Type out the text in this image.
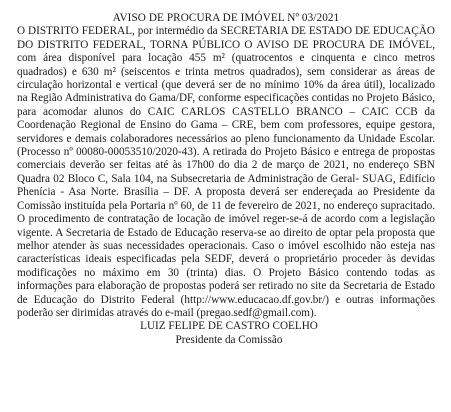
AVISO DE PROCURA DE IMÓVEL Nº 03/2021

O DISTRITO FEDERAL, por intermédio da SECRETARIA DE ESTADO DE EDUCAÇÃO DO DISTRITO FEDERAL, TORNA PÚBLICO O AVISO DE PROCURA DE IMÓVEL, com área disponível para locação 455 m² (quatrocentos e cinquenta e cinco metros quadrados) e 630 m² (seiscentos e trinta metros quadrados), sem considerar as áreas de circulação horizontal e vertical (que deverá ser de no mínimo 10% da área útil), localizado na Região Administrativa do Gama/DF, conforme especificações contidas no Projeto Básico, para acomodar alunos do CAIC CARLOS CASTELLO BRANCO – CAIC CCB da Coordenação Regional de Ensino do Gama – CRE, bem com professores, equipe gestora, servidores e demais colaboradores necessários ao pleno funcionamento da Unidade Escolar. (Processo nº 00080-00053510/2020-43). A retirada do Projeto Básico e entrega de propostas comerciais deverão ser feitas até às 17h00 do dia 2 de março de 2021, no endereço SBN Quadra 02 Bloco C, Sala 104, na Subsecretaria de Administração de Geral- SUAG, Edifício Phenícia - Asa Norte. Brasília – DF. A proposta deverá ser endereçada ao Presidente da Comissão instituída pela Portaria nº 60, de 11 de fevereiro de 2021, no endereço supracitado. O procedimento de contratação de locação de imóvel reger-se-á de acordo com a legislação vigente. A Secretaria de Estado de Educação reserva-se ao direito de optar pela proposta que melhor atender às suas necessidades operacionais. Caso o imóvel escolhido não esteja nas características ideais especificadas pela SEDF, deverá o proprietário proceder às devidas modificações no máximo em 30 (trinta) dias. O Projeto Básico contendo todas as informações para elaboração de propostas poderá ser retirado no site da Secretaria de Estado de Educação do Distrito Federal (http://www.educacao.df.gov.br/) e outras informações poderão ser dirimidas através do e-mail (pregao.sedf@gmail.com).

LUIZ FELIPE DE CASTRO COELHO

Presidente da Comissão
